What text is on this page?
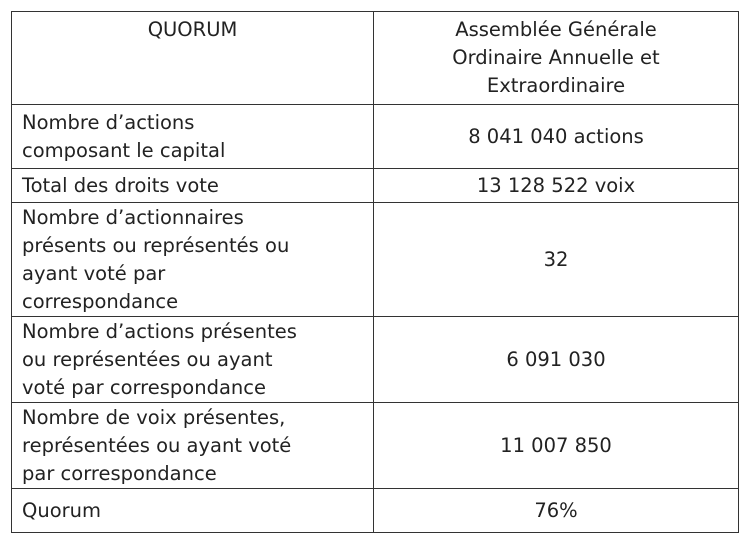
QUORUM	Assemblée Générale
Ordinaire Annuelle et
Extraordinaire

Nombre d’actions
composant le capital	8 041 040 actions

Total des droits vote	13 128 522 voix

Nombre d’actionnaires
présents ou représentés ou
ayant voté par
correspondance	32

Nombre d’actions présentes
ou représentées ou ayant
voté par correspondance	6 091 030

Nombre de voix présentes,
représentées ou ayant voté
par correspondance	11 007 850

Quorum	76%
